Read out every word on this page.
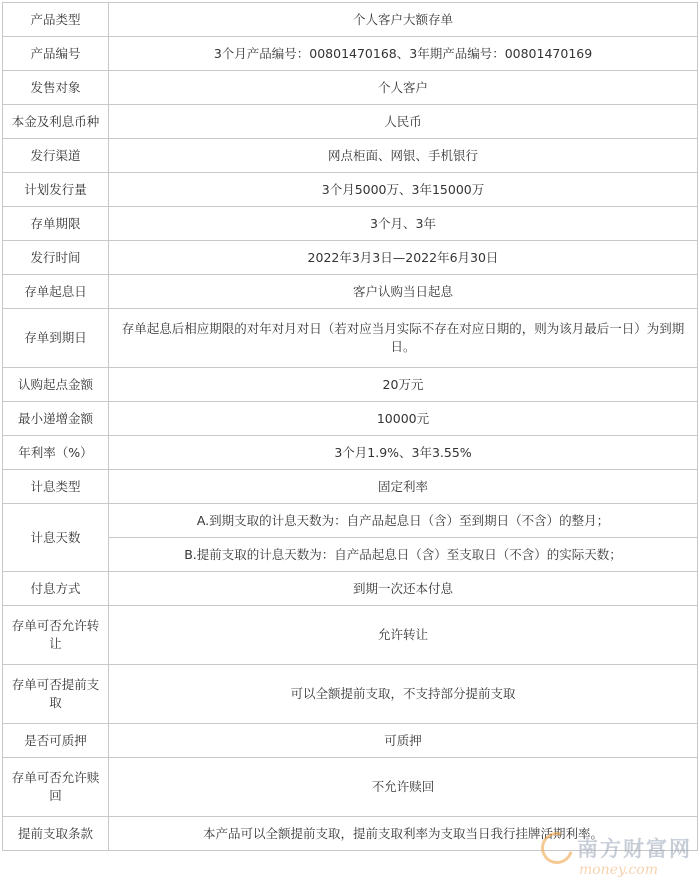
产品类型	个人客户大额存单
产品编号	3个月产品编号：00801470168、3年期产品编号：00801470169
发售对象	个人客户
本金及利息币种	人民币
发行渠道	网点柜面、网银、手机银行
计划发行量	3个月5000万、3年15000万
存单期限	3个月、3年
发行时间	2022年3月3日—2022年6月30日
存单起息日	客户认购当日起息
存单到期日	存单起息后相应期限的对年对月对日（若对应当月实际不存在对应日期的，则为该月最后一日）为到期日。
认购起点金额	20万元
最小递增金额	10000元
年利率（%）	3个月1.9%、3年3.55%
计息类型	固定利率
计息天数	A.到期支取的计息天数为：自产品起息日（含）至到期日（不含）的整月；
	B.提前支取的计息天数为：自产品起息日（含）至支取日（不含）的实际天数；
付息方式	到期一次还本付息
存单可否允许转让	允许转让
存单可否提前支取	可以全额提前支取，不支持部分提前支取
是否可质押	可质押
存单可否允许赎回	不允许赎回
提前支取条款	本产品可以全额提前支取，提前支取利率为支取当日我行挂牌活期利率。
南方财富网
money.com
